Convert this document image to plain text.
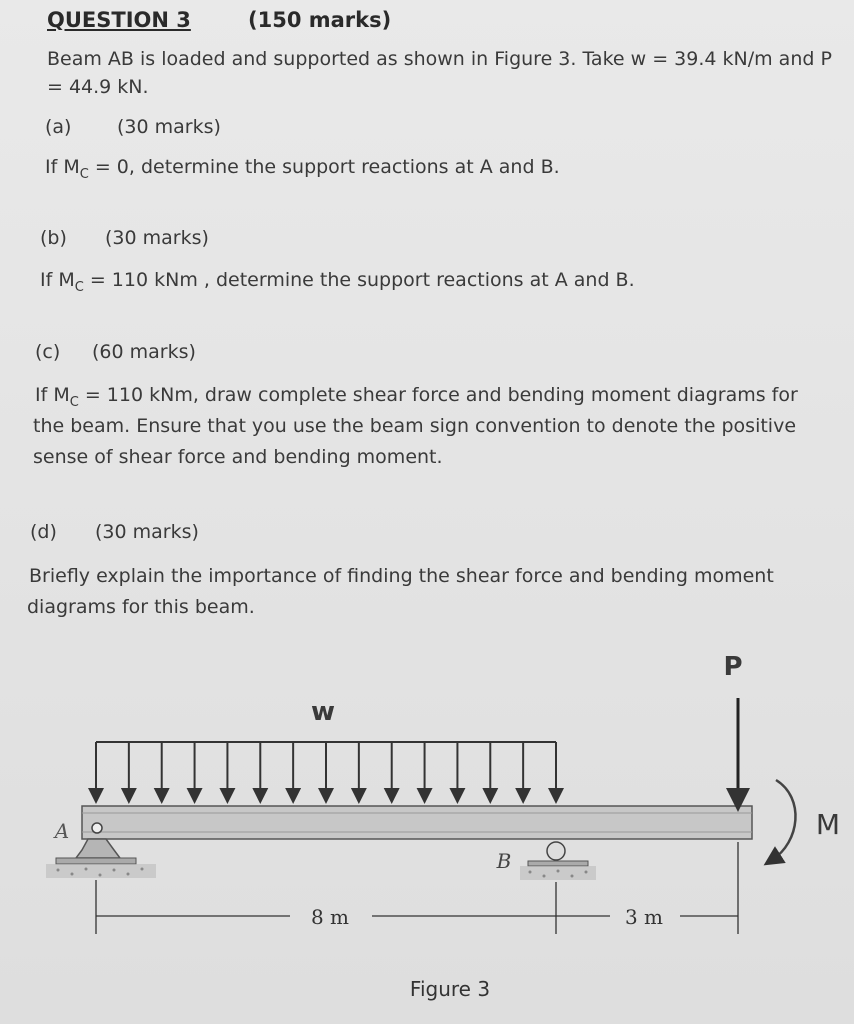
QUESTION 3	(150 marks)
Beam AB is loaded and supported as shown in Figure 3. Take w = 39.4 kN/m and P
= 44.9 kN.
(a) (30 marks)
If $M_C = 0$, determine the support reactions at A and B.
(b) (30 marks)
If $M_C = 110$ kNm , determine the support reactions at A and B.
(c) (60 marks)
If $M_C = 110$ kNm, draw complete shear force and bending moment diagrams for
the beam. Ensure that you use the beam sign convention to denote the positive
sense of shear force and bending moment.
(d) (30 marks)
Briefly explain the importance of finding the shear force and bending moment
diagrams for this beam.
w
P
M
A
B
8 m	3 m
Figure 3
